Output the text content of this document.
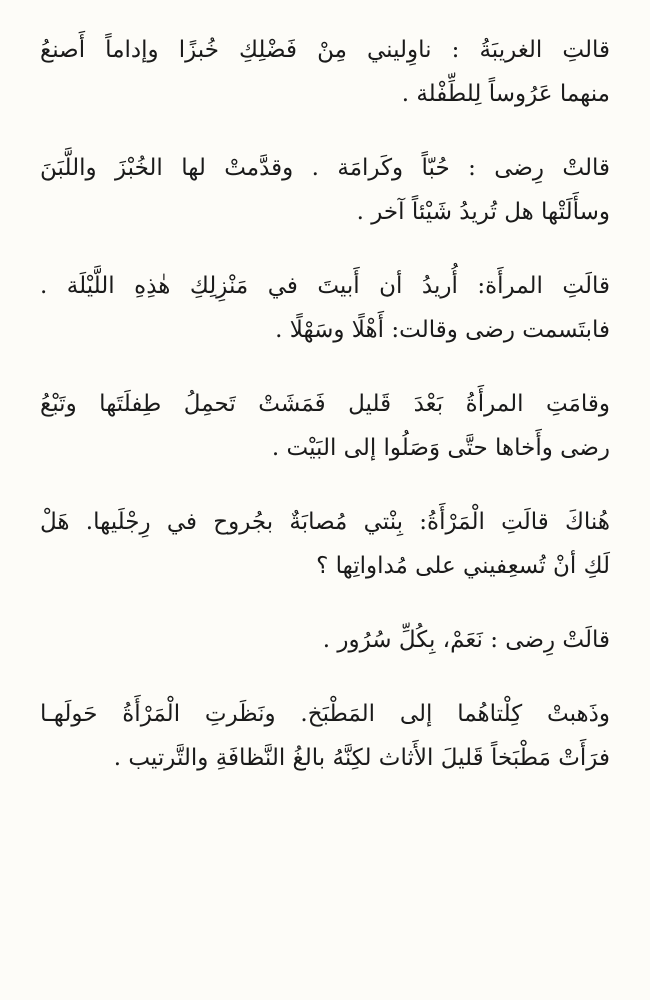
قالتِ الغريبَةُ : ناوِليني مِنْ فَضْلِكِ خُبزًا وإداماً أَصنعُ
منهما عَرُوساً لِلطِّفْلة .
قالتْ رِضى : حُبّاً وكَرامَة . وقدَّمتْ لها الخُبْزَ واللَّبَنَ
وسأَلَتْها هل تُريدُ شَيْئاً آخر .
قالَتِ المرأَة: أُريدُ أن أَبيتَ في مَنْزِلِكِ هٰذِهِ اللَّيْلَة .
فابتَسمت رضى وقالت: أَهْلًا وسَهْلًا .
وقامَتِ المرأَةُ بَعْدَ قَليل فَمَشَتْ تَحمِلُ طِفلَتَها وتَبْعُ
رضى وأَخاها حتَّى وَصَلُوا إلى البَيْت .
هُناكَ قالَتِ الْمَرْأَةُ: بِنْتي مُصابَةٌ بجُروح في رِجْلَيها. هَلْ
لَكِ أنْ تُسعِفيني على مُداواتِها ؟
قالَتْ رِضى : نَعَمْ، بِكُلِّ سُرُور .
وذَهبتْ كِلْتاهُما إلى المَطْبَخ. ونَظَرتِ الْمَرْأَةُ حَولَهـا
فرَأَتْ مَطْبَخاً قَليلَ الأَثاث لكِنَّهُ بالغُ النَّظافَةِ والتَّرتيب .
